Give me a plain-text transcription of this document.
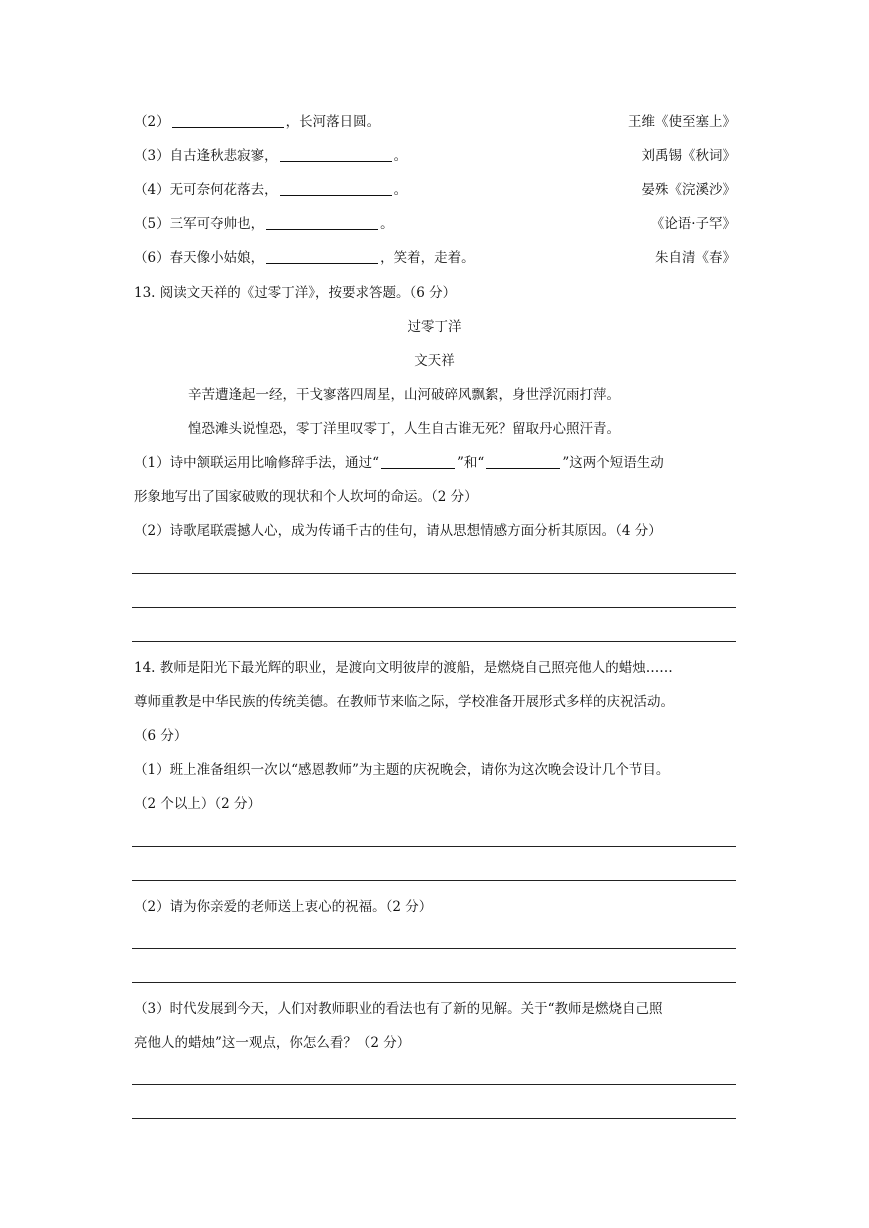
（2）	，长河落日圆。	王维《使至塞上》
（3）自古逢秋悲寂寥，	。	刘禹锡《秋词》
（4）无可奈何花落去，	。	晏殊《浣溪沙》
（5）三军可夺帅也，	。	《论语·子罕》
（6）春天像小姑娘，	，笑着，走着。	朱自清《春》
13. 阅读文天祥的《过零丁洋》，按要求答题。（6 分）
过零丁洋
文天祥
辛苦遭逢起一经，干戈寥落四周星，山河破碎风飘絮，身世浮沉雨打萍。
惶恐滩头说惶恐，零丁洋里叹零丁，人生自古谁无死？留取丹心照汗青。
（1）诗中颔联运用比喻修辞手法，通过“	”和“	”这两个短语生动
形象地写出了国家破败的现状和个人坎坷的命运。（2 分）
（2）诗歌尾联震撼人心，成为传诵千古的佳句，请从思想情感方面分析其原因。（4 分）
14. 教师是阳光下最光辉的职业，是渡向文明彼岸的渡船，是燃烧自己照亮他人的蜡烛……
尊师重教是中华民族的传统美德。在教师节来临之际，学校准备开展形式多样的庆祝活动。
（6 分）
（1）班上准备组织一次以“感恩教师”为主题的庆祝晚会，请你为这次晚会设计几个节目。
（2 个以上）（2 分）
（2）请为你亲爱的老师送上衷心的祝福。（2 分）
（3）时代发展到今天，人们对教师职业的看法也有了新的见解。关于“教师是燃烧自己照
亮他人的蜡烛”这一观点，你怎么看？（2 分）
